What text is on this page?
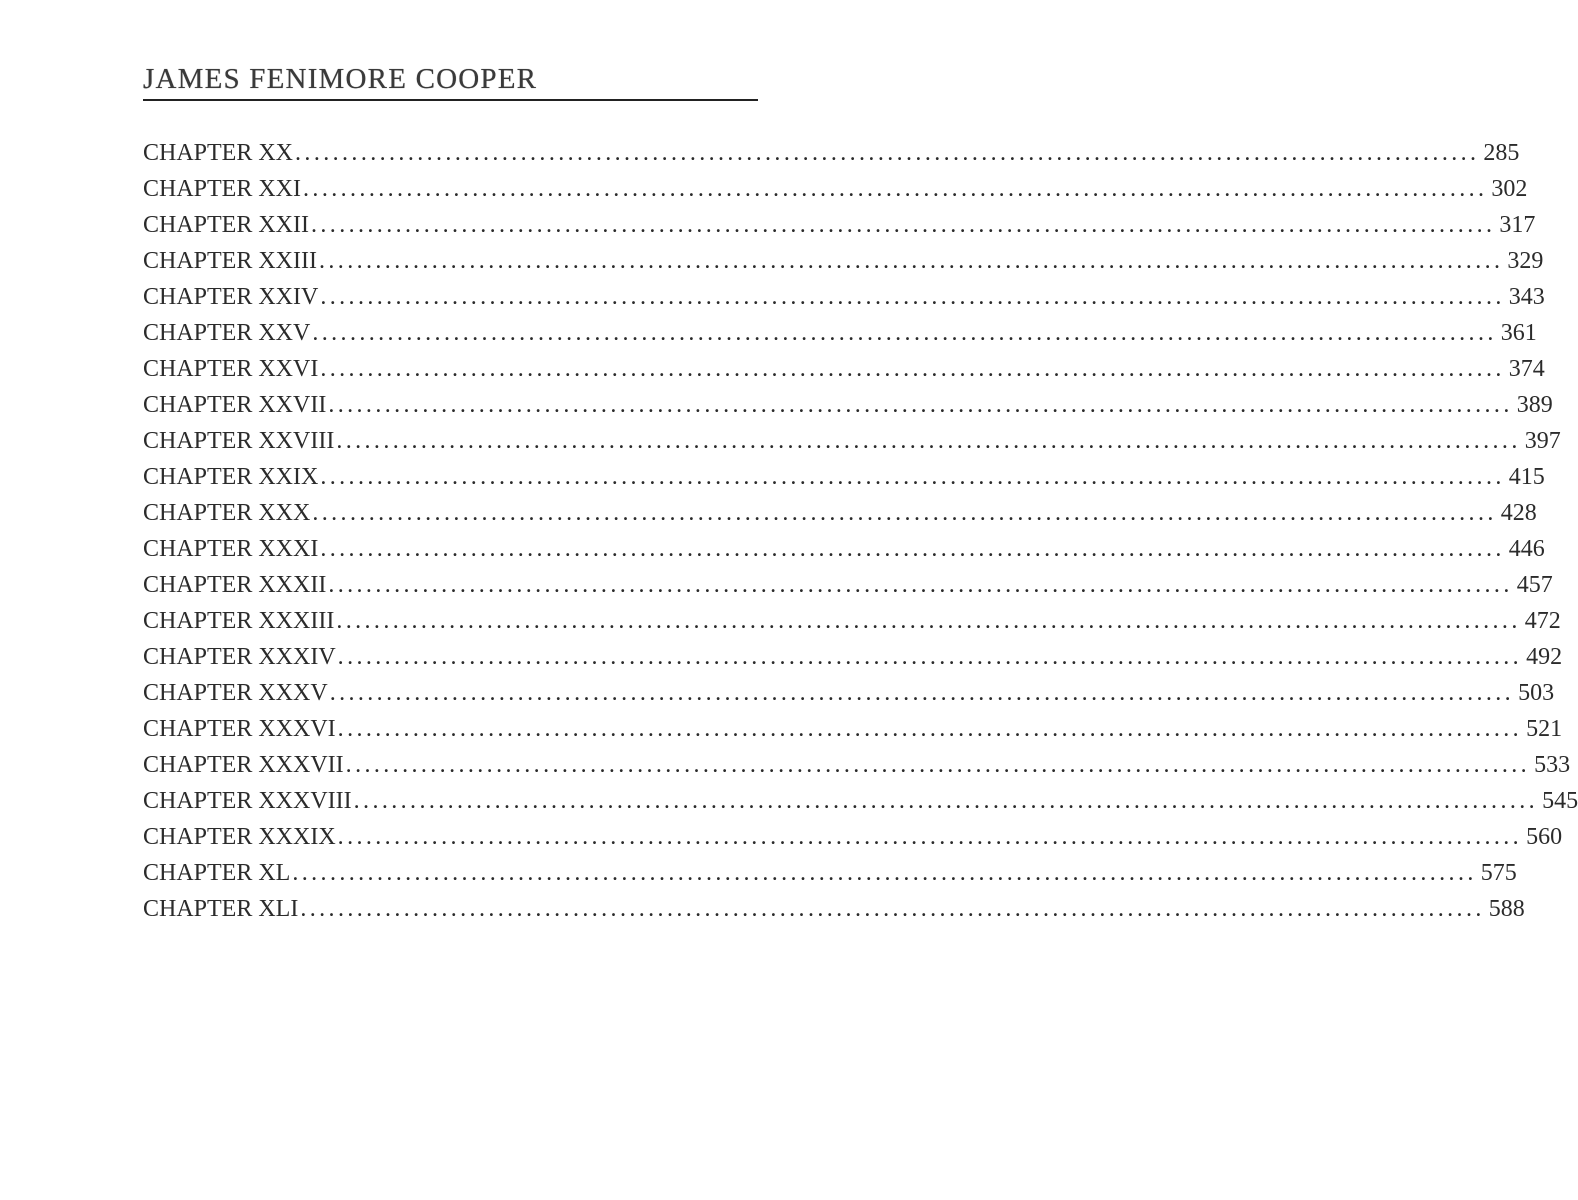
JAMES FENIMORE COOPER
CHAPTER XX .............................................................................................................................. 285
CHAPTER XXI .............................................................................................................................. 302
CHAPTER XXII .............................................................................................................................. 317
CHAPTER XXIII .............................................................................................................................. 329
CHAPTER XXIV .............................................................................................................................. 343
CHAPTER XXV .............................................................................................................................. 361
CHAPTER XXVI .............................................................................................................................. 374
CHAPTER XXVII .............................................................................................................................. 389
CHAPTER XXVIII .............................................................................................................................. 397
CHAPTER XXIX .............................................................................................................................. 415
CHAPTER XXX .............................................................................................................................. 428
CHAPTER XXXI .............................................................................................................................. 446
CHAPTER XXXII .............................................................................................................................. 457
CHAPTER XXXIII .............................................................................................................................. 472
CHAPTER XXXIV .............................................................................................................................. 492
CHAPTER XXXV .............................................................................................................................. 503
CHAPTER XXXVI .............................................................................................................................. 521
CHAPTER XXXVII .............................................................................................................................. 533
CHAPTER XXXVIII .............................................................................................................................. 545
CHAPTER XXXIX .............................................................................................................................. 560
CHAPTER XL .............................................................................................................................. 575
CHAPTER XLI .............................................................................................................................. 588
